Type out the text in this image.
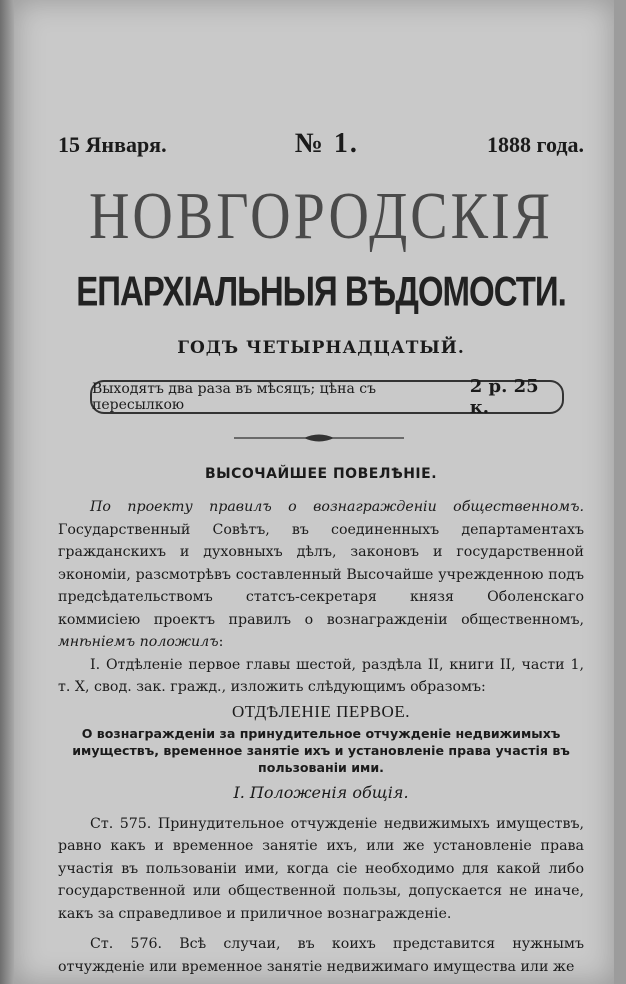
15 Января.	№ 1.	1888 года.
НОВГОРОДСКІЯ
ЕПАРХІАЛЬНЫЯ ВѢДОМОСТИ.
ГОДЪ ЧЕТЫРНАДЦАТЫЙ.
Выходятъ два раза въ мѣсяцъ; цѣна съ пересылкою
2 р. 25 к.
ВЫСОЧАЙШЕЕ ПОВЕЛѢНІЕ.

По проекту правилъ о вознагражденіи общественномъ. Государственный Совѣтъ, въ соединенныхъ департаментахъ гражданскихъ и духовныхъ дѣлъ, законовъ и государственной экономіи, разсмотрѣвъ составленный Высочайше учрежденною подъ предсѣдательствомъ статсъ-секретаря князя Оболенскаго коммисіею проектъ правилъ о вознагражденіи общественномъ, мнѣніемъ положилъ:

I. Отдѣленіе первое главы шестой, раздѣла II, книги II, части 1, т. X, свод. зак. гражд., изложить слѣдующимъ образомъ:

ОТДѢЛЕНІЕ ПЕРВОЕ.

О вознагражденіи за принудительное отчужденіе недвижимыхъ имуществъ, временное занятіе ихъ и установленіе права участія въ пользованіи ими.

I. Положенія общія.

Ст. 575. Принудительное отчужденіе недвижимыхъ имуществъ, равно какъ и временное занятіе ихъ, или же установленіе права участія въ пользованіи ими, когда сіе необходимо для какой либо государственной или общественной пользы, допускается не иначе, какъ за справедливое и приличное вознагражденіе.

Ст. 576. Всѣ случаи, въ коихъ представится нужнымъ отчужденіе или временное занятіе недвижимаго имущества или же
